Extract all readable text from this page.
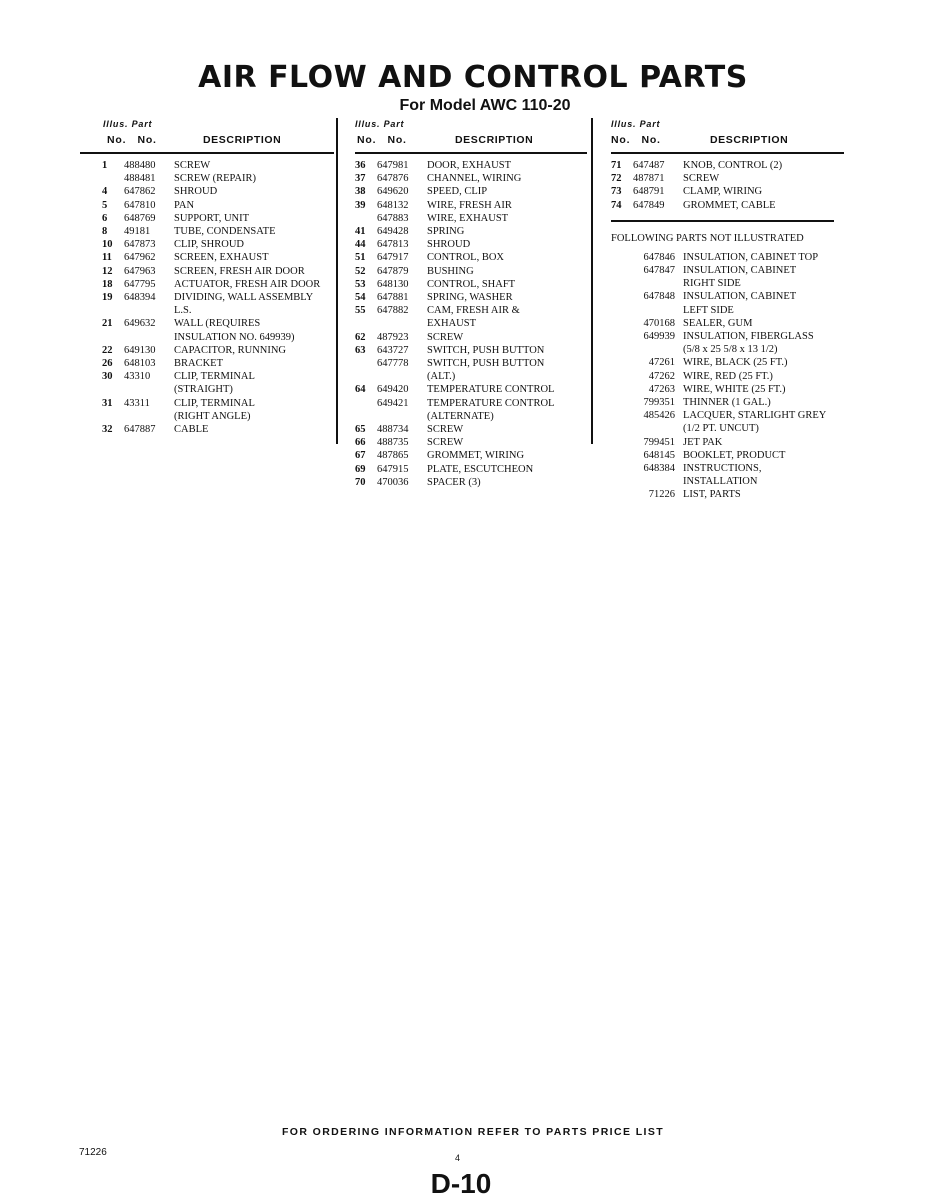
AIR FLOW AND CONTROL PARTS
For Model AWC 110-20
Illus. Part
No.   No.	DESCRIPTION
1	488480	SCREW
488481	SCREW (REPAIR)
4	647862	SHROUD
5	647810	PAN
6	648769	SUPPORT, UNIT
8	49181	TUBE, CONDENSATE
10	647873	CLIP, SHROUD
11	647962	SCREEN, EXHAUST
12	647963	SCREEN, FRESH AIR DOOR
18	647795	ACTUATOR, FRESH AIR DOOR
19	648394	DIVIDING, WALL ASSEMBLY
L.S.
21	649632	WALL (REQUIRES
INSULATION NO. 649939)
22	649130	CAPACITOR, RUNNING
26	648103	BRACKET
30	43310	CLIP, TERMINAL
(STRAIGHT)
31	43311	CLIP, TERMINAL
(RIGHT ANGLE)
32	647887	CABLE
Illus. Part
No.   No.	DESCRIPTION
36	647981	DOOR, EXHAUST
37	647876	CHANNEL, WIRING
38	649620	SPEED, CLIP
39	648132	WIRE, FRESH AIR
647883	WIRE, EXHAUST
41	649428	SPRING
44	647813	SHROUD
51	647917	CONTROL, BOX
52	647879	BUSHING
53	648130	CONTROL, SHAFT
54	647881	SPRING, WASHER
55	647882	CAM, FRESH AIR &
EXHAUST
62	487923	SCREW
63	643727	SWITCH, PUSH BUTTON
647778	SWITCH, PUSH BUTTON
(ALT.)
64	649420	TEMPERATURE CONTROL
649421	TEMPERATURE CONTROL
(ALTERNATE)
65	488734	SCREW
66	488735	SCREW
67	487865	GROMMET, WIRING
69	647915	PLATE, ESCUTCHEON
70	470036	SPACER (3)
Illus. Part
No.   No.	DESCRIPTION
71	647487	KNOB, CONTROL (2)
72	487871	SCREW
73	648791	CLAMP, WIRING
74	647849	GROMMET, CABLE
FOLLOWING PARTS NOT ILLUSTRATED
647846 INSULATION, CABINET TOP
647847 INSULATION, CABINET
RIGHT SIDE
647848 INSULATION, CABINET
LEFT SIDE
470168 SEALER, GUM
649939 INSULATION, FIBERGLASS
(5/8 x 25 5/8 x 13 1/2)
47261 WIRE, BLACK (25 FT.)
47262 WIRE, RED (25 FT.)
47263 WIRE, WHITE (25 FT.)
799351 THINNER (1 GAL.)
485426 LACQUER, STARLIGHT GREY
(1/2 PT. UNCUT)
799451 JET PAK
648145 BOOKLET, PRODUCT
648384 INSTRUCTIONS,
INSTALLATION
71226 LIST, PARTS
FOR ORDERING INFORMATION REFER TO PARTS PRICE LIST
71226	4
D-10
